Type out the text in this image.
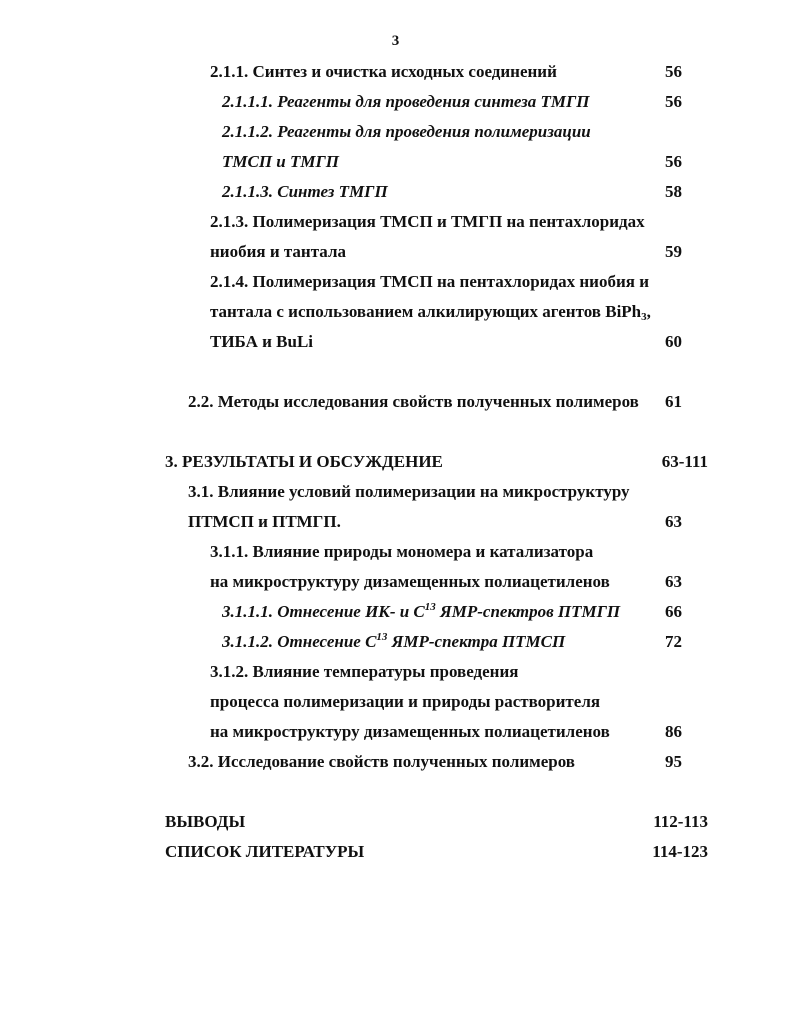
3
2.1.1. Синтез и очистка исходных соединений	56
2.1.1.1. Реагенты для проведения синтеза ТМГП	56
2.1.1.2. Реагенты для проведения полимеризации
ТМСП и ТМГП	56
2.1.1.3. Синтез ТМГП	58
2.1.3. Полимеризация ТМСП и ТМГП на пентахлоридах
ниобия и тантала	59
2.1.4. Полимеризация ТМСП на пентахлоридах ниобия и
тантала с использованием алкилирующих агентов BiPh$_3$,
ТИБА и BuLi	60
2.2. Методы исследования свойств полученных полимеров	61
3. РЕЗУЛЬТАТЫ И ОБСУЖДЕНИЕ	63-111
3.1. Влияние условий полимеризации на микроструктуру
ПТМСП и ПТМГП.	63
3.1.1. Влияние природы мономера и катализатора
на микроструктуру дизамещенных полиацетиленов	63
3.1.1.1. Отнесение ИК- и $С^{13}$ ЯМР-спектров ПТМГП	66
3.1.1.2. Отнесение $С^{13}$ ЯМР-спектра ПТМСП	72
3.1.2. Влияние температуры проведения
процесса полимеризации и природы растворителя
на микроструктуру дизамещенных полиацетиленов	86
3.2. Исследование свойств полученных полимеров	95
ВЫВОДЫ	112-113
СПИСОК ЛИТЕРАТУРЫ	114-123
